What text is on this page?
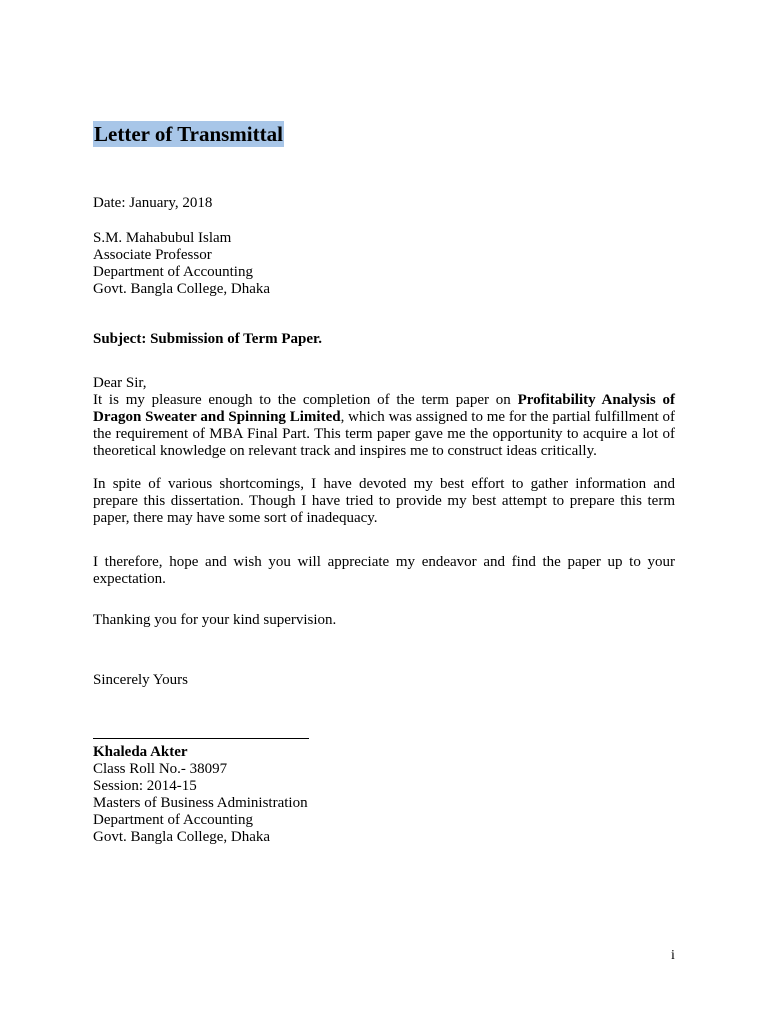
Letter of Transmittal
Date: January, 2018
S.M. Mahabubul Islam
Associate Professor
Department of Accounting
Govt. Bangla College, Dhaka
Subject: Submission of Term Paper.
Dear Sir,
It is my pleasure enough to the completion of the term paper on Profitability Analysis of Dragon Sweater and Spinning Limited, which was assigned to me for the partial fulfillment of the requirement of MBA Final Part. This term paper gave me the opportunity to acquire a lot of theoretical knowledge on relevant track and inspires me to construct ideas critically.
In spite of various shortcomings, I have devoted my best effort to gather information and prepare this dissertation. Though I have tried to provide my best attempt to prepare this term paper, there may have some sort of inadequacy.
I therefore, hope and wish you will appreciate my endeavor and find the paper up to your expectation.
Thanking you for your kind supervision.
Sincerely Yours
Khaleda Akter
Class Roll No.- 38097
Session: 2014-15
Masters of Business Administration
Department of Accounting
Govt. Bangla College, Dhaka
i
